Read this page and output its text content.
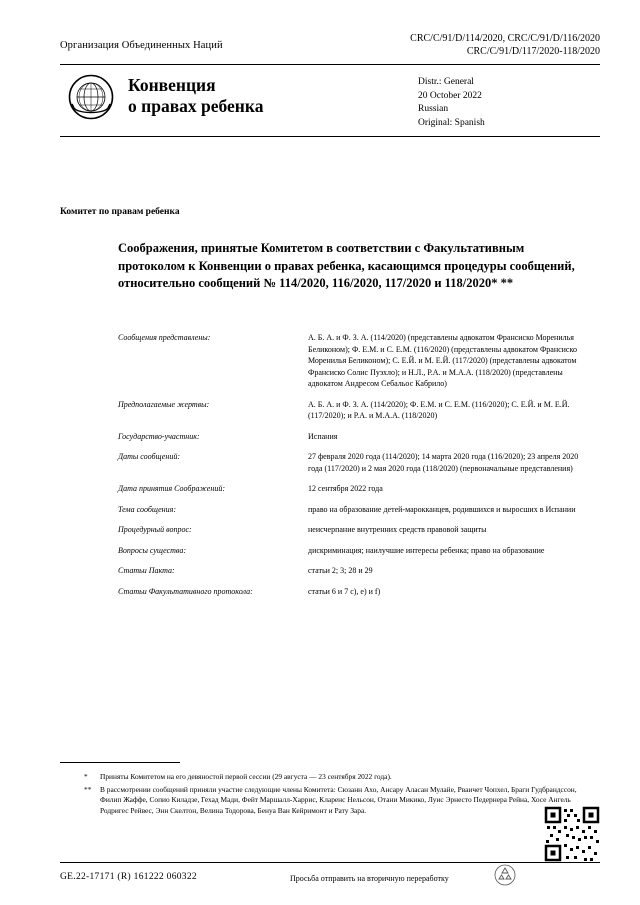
Организация Объединенных Наций
CRC/C/91/D/114/2020, CRC/C/91/D/116/2020
CRC/C/91/D/117/2020-118/2020
Конвенция
о правах ребенка
Distr.: General
20 October 2022
Russian
Original: Spanish
Комитет по правам ребенка
Соображения, принятые Комитетом в соответствии с Факультативным протоколом к Конвенции о правах ребенка, касающимся процедуры сообщений, относительно сообщений № 114/2020, 116/2020, 117/2020 и 118/2020* **
Сообщения представлены:	А. Б. А. и Ф. З. А. (114/2020) (представлены адвокатом Франсиско Моренилья Беликоном); Ф. Е.М. и С. Е.М. (116/2020) (представлены адвокатом Франсиско Моренилья Беликоном); С. Е.Й. и М. Е.Й. (117/2020) (представлены адвокатом Франсиско Солис Пуэхло); и Н.Л., Р.А. и М.А.А. (118/2020) (представлены адвокатом Андресом Себальос Кабрило)
Предполагаемые жертвы:	А. Б. А. и Ф. З. А. (114/2020); Ф. Е.М. и С. Е.М. (116/2020); С. Е.Й. и М. Е.Й. (117/2020); и Р.А. и М.А.А. (118/2020)
Государство-участник:	Испания
Даты сообщений:	27 февраля 2020 года (114/2020); 14 марта 2020 года (116/2020); 23 апреля 2020 года (117/2020) и 2 мая 2020 года (118/2020) (первоначальные представления)
Дата принятия Соображений:	12 сентября 2022 года
Тема сообщения:	право на образование детей-марокканцев, родившихся и выросших в Испании
Процедурный вопрос:	неисчерпание внутренних средств правовой защиты
Вопросы существа:	дискриминация; наилучшие интересы ребенка; право на образование
Статьи Пакта:	статьи 2; 3; 28 и 29
Статьи Факультативного протокола:	статьи 6 и 7 c), e) и f)
*	Приняты Комитетом на его девяностой первой сессии (29 августа — 23 сентября 2022 года).
**	В рассмотрении сообщений приняли участие следующие члены Комитета: Сюзанн Ахо, Ансару Аласан Мулайе, Рваичет Чопхел, Браги Гудбрандссон, Филип Жаффе, Сопио Киладзе, Гехад Мади, Фейт Маршалл-Харрис, Кларенс Нельсон, Отани Микико, Луис Эрнесто Педернера Рейна, Хосе Ангель Родригес Рейвес, Энн Скелтон, Велина Тодорова, Бенуа Ван Кейримонт и Рату Зара.
GE.22-17171 (R) 161222 060322	Просьба отправить на вторичную переработку
